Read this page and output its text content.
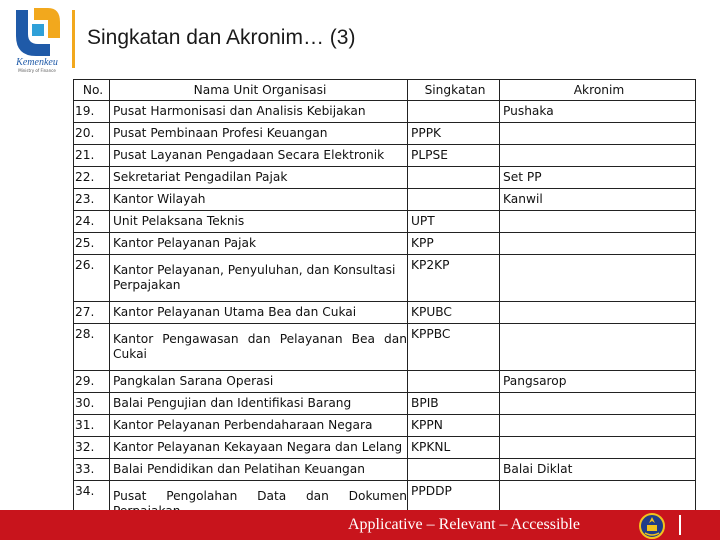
Kemenkeu
Ministry of Finance
Singkatan dan Akronim… (3)
No.	Nama Unit Organisasi	Singkatan	Akronim
19.	Pusat Harmonisasi dan Analisis Kebijakan		Pushaka
20.	Pusat Pembinaan Profesi Keuangan	PPPK	
21.	Pusat Layanan Pengadaan Secara Elektronik	PLPSE	
22.	Sekretariat Pengadilan Pajak		Set PP
23.	Kantor Wilayah		Kanwil
24.	Unit Pelaksana Teknis	UPT	
25.	Kantor Pelayanan Pajak	KPP	
26.	Kantor Pelayanan, Penyuluhan, dan Konsultasi Perpajakan	KP2KP	
27.	Kantor Pelayanan Utama Bea dan Cukai	KPUBC	
28.	Kantor Pengawasan dan Pelayanan Bea dan Cukai	KPPBC	
29.	Pangkalan Sarana Operasi		Pangsarop
30.	Balai Pengujian dan Identifikasi Barang	BPIB	
31.	Kantor Pelayanan Perbendaharaan Negara	KPPN	
32.	Kantor Pelayanan Kekayaan Negara dan Lelang	KPKNL	
33.	Balai Pendidikan dan Pelatihan Keuangan		Balai Diklat
34.	Pusat Pengolahan Data dan Dokumen	PPDDP	
Applicative – Relevant – Accessible
